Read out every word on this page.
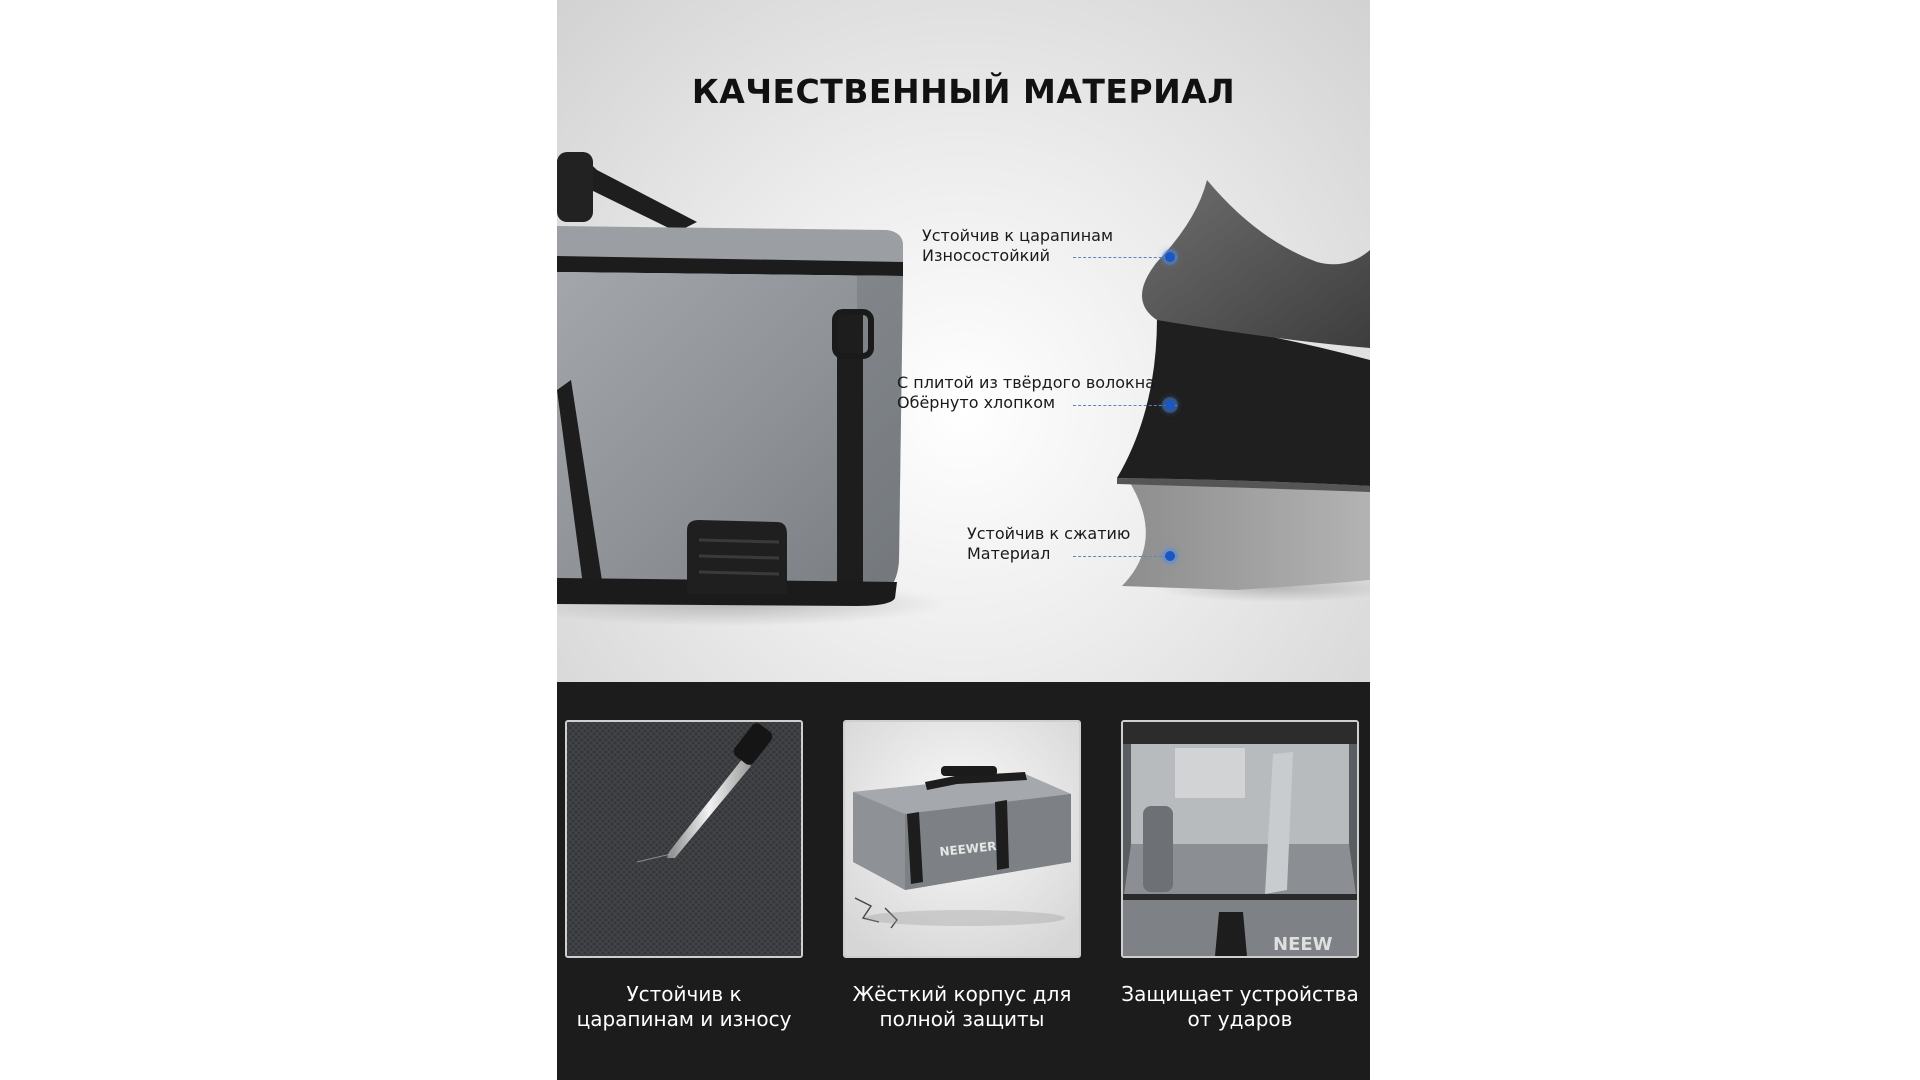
КАЧЕСТВЕННЫЙ МАТЕРИАЛ
Устойчив к царапинам
Износостойкий
С плитой из твёрдого волокна
Обёрнуто хлопком
Устойчив к сжатию
Материал
NEEWER
NEEW
Устойчив к царапинам и износу
Жёсткий корпус для полной защиты
Защищает устройства от ударов
